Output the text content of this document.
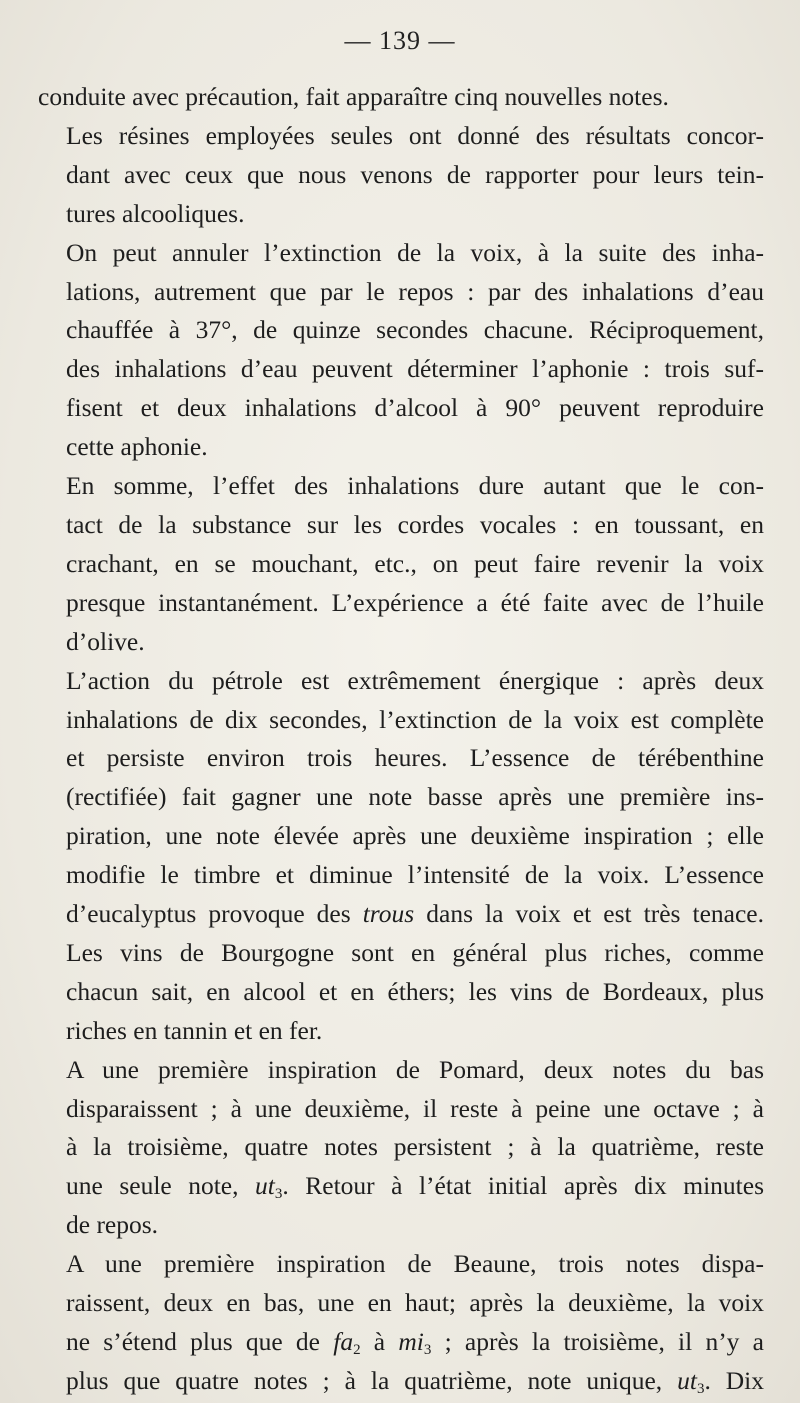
— 139 —

conduite avec précaution, fait apparaître cinq nouvelles notes.

Les résines employées seules ont donné des résultats concor-
dant avec ceux que nous venons de rapporter pour leurs tein-
tures alcooliques.

On peut annuler l’extinction de la voix, à la suite des inha-
lations, autrement que par le repos : par des inhalations d’eau
chauffée à 37°, de quinze secondes chacune. Réciproquement,
des inhalations d’eau peuvent déterminer l’aphonie : trois suf-
fisent et deux inhalations d’alcool à 90° peuvent reproduire
cette aphonie.

En somme, l’effet des inhalations dure autant que le con-
tact de la substance sur les cordes vocales : en toussant, en
crachant, en se mouchant, etc., on peut faire revenir la voix
presque instantanément. L’expérience a été faite avec de l’huile
d’olive.

L’action du pétrole est extrêmement énergique : après deux
inhalations de dix secondes, l’extinction de la voix est complète
et persiste environ trois heures. L’essence de térébenthine
(rectifiée) fait gagner une note basse après une première ins-
piration, une note élevée après une deuxième inspiration ; elle
modifie le timbre et diminue l’intensité de la voix. L’essence
d’eucalyptus provoque des trous dans la voix et est très tenace.

Les vins de Bourgogne sont en général plus riches, comme
chacun sait, en alcool et en éthers; les vins de Bordeaux, plus
riches en tannin et en fer.

A une première inspiration de Pomard, deux notes du bas
disparaissent ; à une deuxième, il reste à peine une octave ; à
à la troisième, quatre notes persistent ; à la quatrième, reste
une seule note, $ut_3$. Retour à l’état initial après dix minutes
de repos.

A une première inspiration de Beaune, trois notes dispa-
raissent, deux en bas, une en haut; après la deuxième, la voix
ne s’étend plus que de $fa_2$ à $mi_3$ ; après la troisième, il n’y a
plus que quatre notes ; à la quatrième, note unique, $ut_3$. Dix
